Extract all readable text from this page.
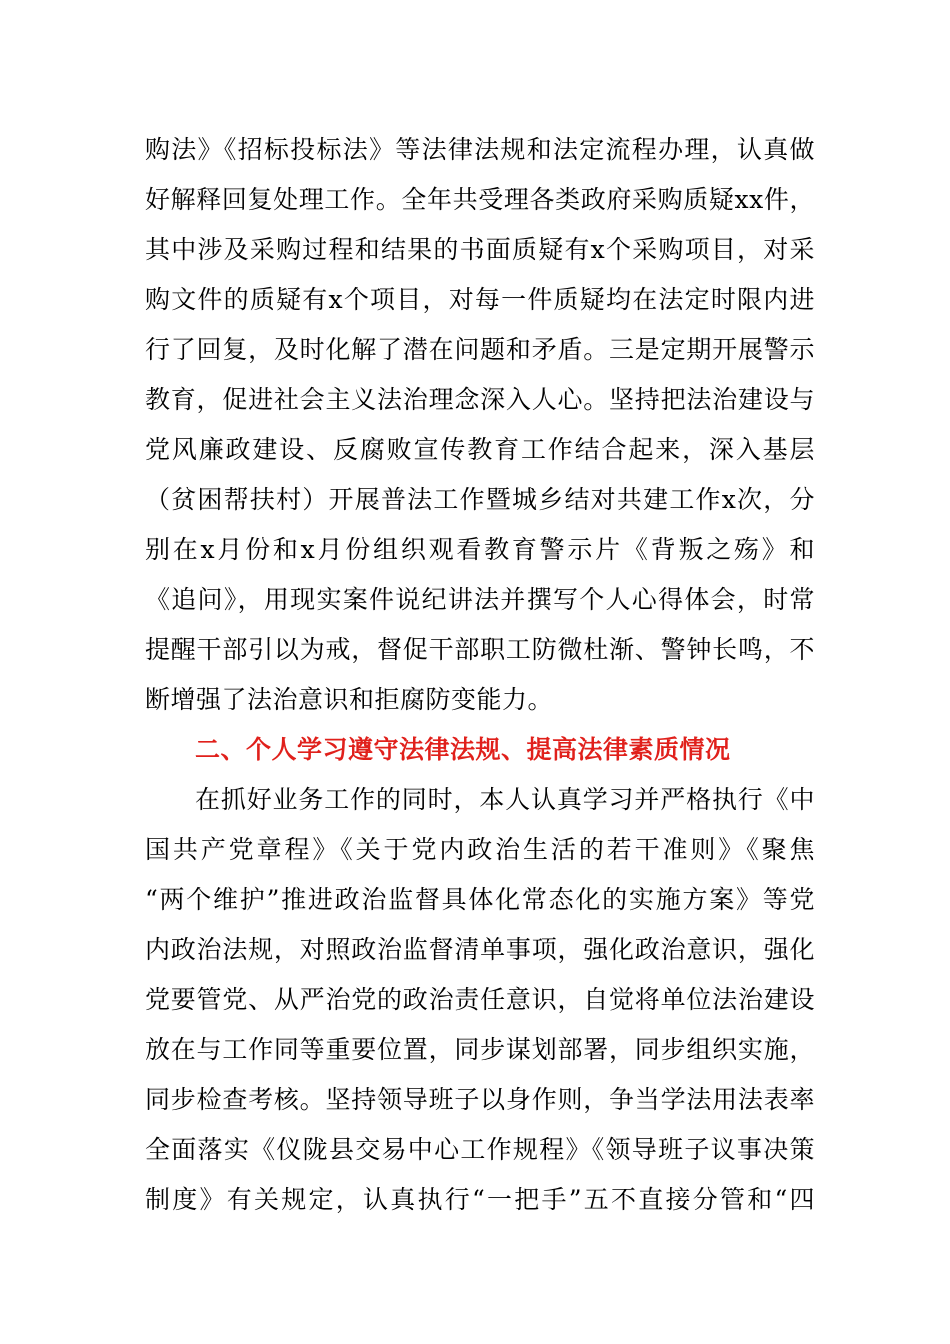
购法》《招标投标法》等法律法规和法定流程办理，认真做
好解释回复处理工作。全年共受理各类政府采购质疑xx件，
其中涉及采购过程和结果的书面质疑有x个采购项目，对采
购文件的质疑有x个项目，对每一件质疑均在法定时限内进
行了回复，及时化解了潜在问题和矛盾。三是定期开展警示
教育，促进社会主义法治理念深入人心。坚持把法治建设与
党风廉政建设、反腐败宣传教育工作结合起来，深入基层
（贫困帮扶村）开展普法工作暨城乡结对共建工作x次，分
别在x月份和x月份组织观看教育警示片《背叛之殇》和
《追问》，用现实案件说纪讲法并撰写个人心得体会，时常
提醒干部引以为戒，督促干部职工防微杜渐、警钟长鸣，不
断增强了法治意识和拒腐防变能力。
二、个人学习遵守法律法规、提高法律素质情况
在抓好业务工作的同时，本人认真学习并严格执行《中
国共产党章程》《关于党内政治生活的若干准则》《聚焦
“两个维护”推进政治监督具体化常态化的实施方案》等党
内政治法规，对照政治监督清单事项，强化政治意识，强化
党要管党、从严治党的政治责任意识，自觉将单位法治建设
放在与工作同等重要位置，同步谋划部署，同步组织实施，
同步检查考核。坚持领导班子以身作则，争当学法用法表率
全面落实《仪陇县交易中心工作规程》《领导班子议事决策
制度》有关规定，认真执行“一把手”五不直接分管和“四
